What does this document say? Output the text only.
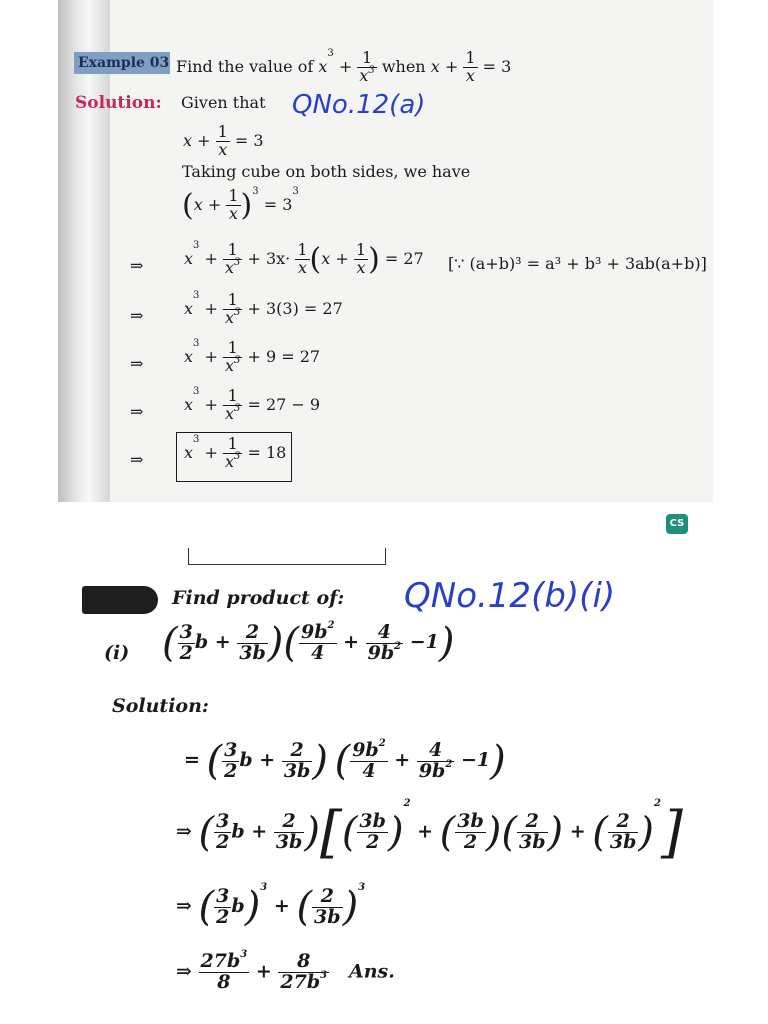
Example 03 Find the value of $x^3 + \frac{1}{x^3}$ when $x + \frac{1}{x} = 3$
Solution: Given that QNo.12(a)
$x + \frac{1}{x} = 3$
Taking cube on both sides, we have
$(x + \frac{1}{x} )^3 = 3^3$
⇒	$x^3 + \frac{1}{x^3} + 3x\cdot \frac{1}{x} (x + \frac{1}{x}$ ) = 27 [∵ (a+b)³ = a³ + b³ + 3ab(a+b)]
⇒	$x^3 + \frac{1}{x^3} + 3(3) = 27$
⇒	$x^3 + \frac{1}{x^3} + 9 = 27$
⇒	$x^3 + \frac{1}{x^3} = 27 - 9$
⇒	$x^3 + \frac{1}{x^3} = 18$
CS
Find product of: QNo.12(b)(i)
(i) ( $\frac{3}{2}$ $b + \frac{2}{3b}$ )( $\frac{9b^2}{4} + \frac{4}{9b^2} -1$)
Solution:
= ( $\frac{3}{2}$ $b + \frac{2}{3b}$ ) ( $\frac{9b^2}{4} + \frac{4}{9b^2} -1$)
⇒ ( $\frac{3}{2}$ $b + \frac{2}{3b}$ )[( $\frac{3b}{2} )^2$ + ( $\frac{3b}{2}$ )( $\frac{2}{3b}$ ) + ( $\frac{2}{3b} )^2$]
⇒ ( $\frac{3}{2} b)^3$ + ( $\frac{2}{3b} )^3$
⇒ $\frac{27b^3}{8} + \frac{8}{27b^3}$ Ans.
